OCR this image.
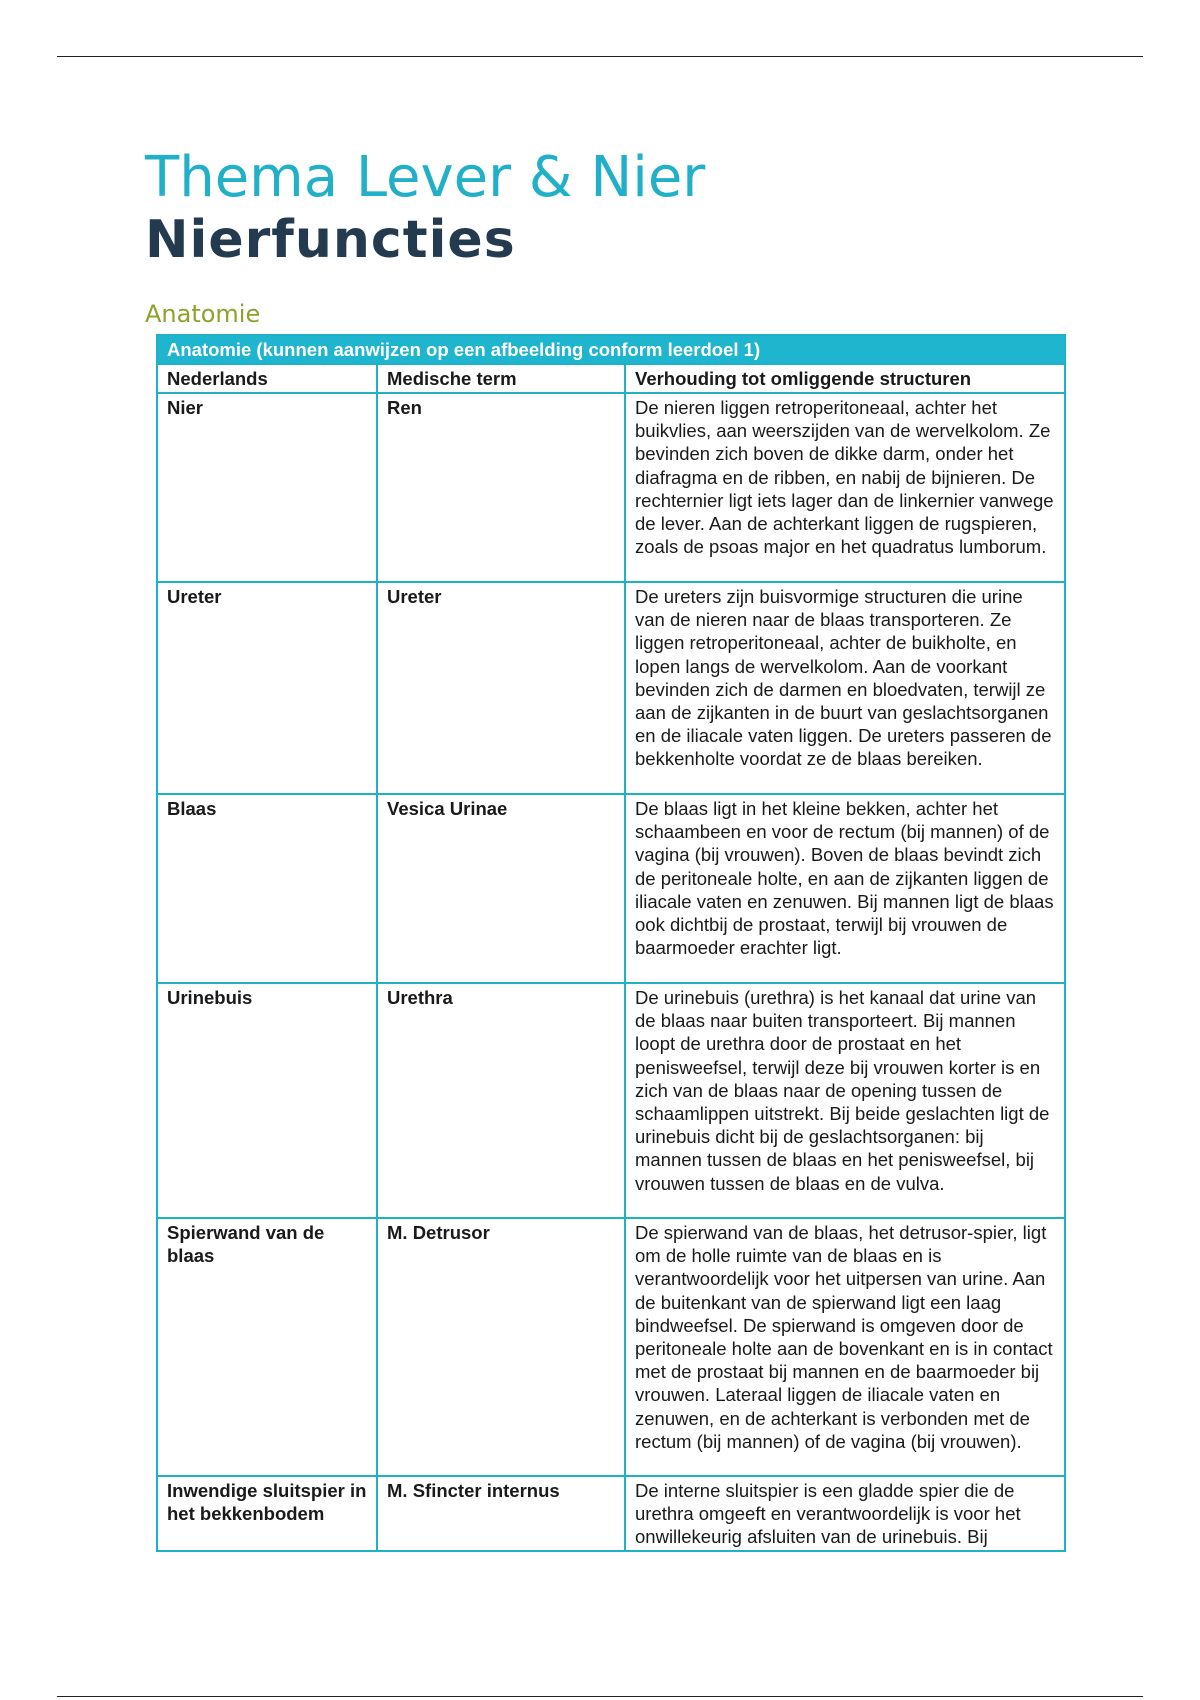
Thema Lever & Nier
Nierfuncties
Anatomie
Anatomie (kunnen aanwijzen op een afbeelding conform leerdoel 1)		
Nederlands	Medische term	Verhouding tot omliggende structuren
Nier	Ren	De nieren liggen retroperitoneaal, achter het buikvlies, aan weerszijden van de wervelkolom. Ze bevinden zich boven de dikke darm, onder het diafragma en de ribben, en nabij de bijnieren. De rechternier ligt iets lager dan de linkernier vanwege de lever. Aan de achterkant liggen de rugspieren, zoals de psoas major en het quadratus lumborum.
Ureter	Ureter	De ureters zijn buisvormige structuren die urine van de nieren naar de blaas transporteren. Ze liggen retroperitoneaal, achter de buikholte, en lopen langs de wervelkolom. Aan de voorkant bevinden zich de darmen en bloedvaten, terwijl ze aan de zijkanten in de buurt van geslachtsorganen en de iliacale vaten liggen. De ureters passeren de bekkenholte voordat ze de blaas bereiken.
Blaas	Vesica Urinae	De blaas ligt in het kleine bekken, achter het schaambeen en voor de rectum (bij mannen) of de vagina (bij vrouwen). Boven de blaas bevindt zich de peritoneale holte, en aan de zijkanten liggen de iliacale vaten en zenuwen. Bij mannen ligt de blaas ook dichtbij de prostaat, terwijl bij vrouwen de baarmoeder erachter ligt.
Urinebuis	Urethra	De urinebuis (urethra) is het kanaal dat urine van de blaas naar buiten transporteert. Bij mannen loopt de urethra door de prostaat en het penisweefsel, terwijl deze bij vrouwen korter is en zich van de blaas naar de opening tussen de schaamlippen uitstrekt. Bij beide geslachten ligt de urinebuis dicht bij de geslachtsorganen: bij mannen tussen de blaas en het penisweefsel, bij vrouwen tussen de blaas en de vulva.
Spierwand van de blaas	M. Detrusor	De spierwand van de blaas, het detrusor-spier, ligt om de holle ruimte van de blaas en is verantwoordelijk voor het uitpersen van urine. Aan de buitenkant van de spierwand ligt een laag bindweefsel. De spierwand is omgeven door de peritoneale holte aan de bovenkant en is in contact met de prostaat bij mannen en de baarmoeder bij vrouwen. Lateraal liggen de iliacale vaten en zenuwen, en de achterkant is verbonden met de rectum (bij mannen) of de vagina (bij vrouwen).
Inwendige sluitspier in het bekkenbodem	M. Sfincter internus	De interne sluitspier is een gladde spier die de urethra omgeeft en verantwoordelijk is voor het onwillekeurig afsluiten van de urinebuis. Bij
